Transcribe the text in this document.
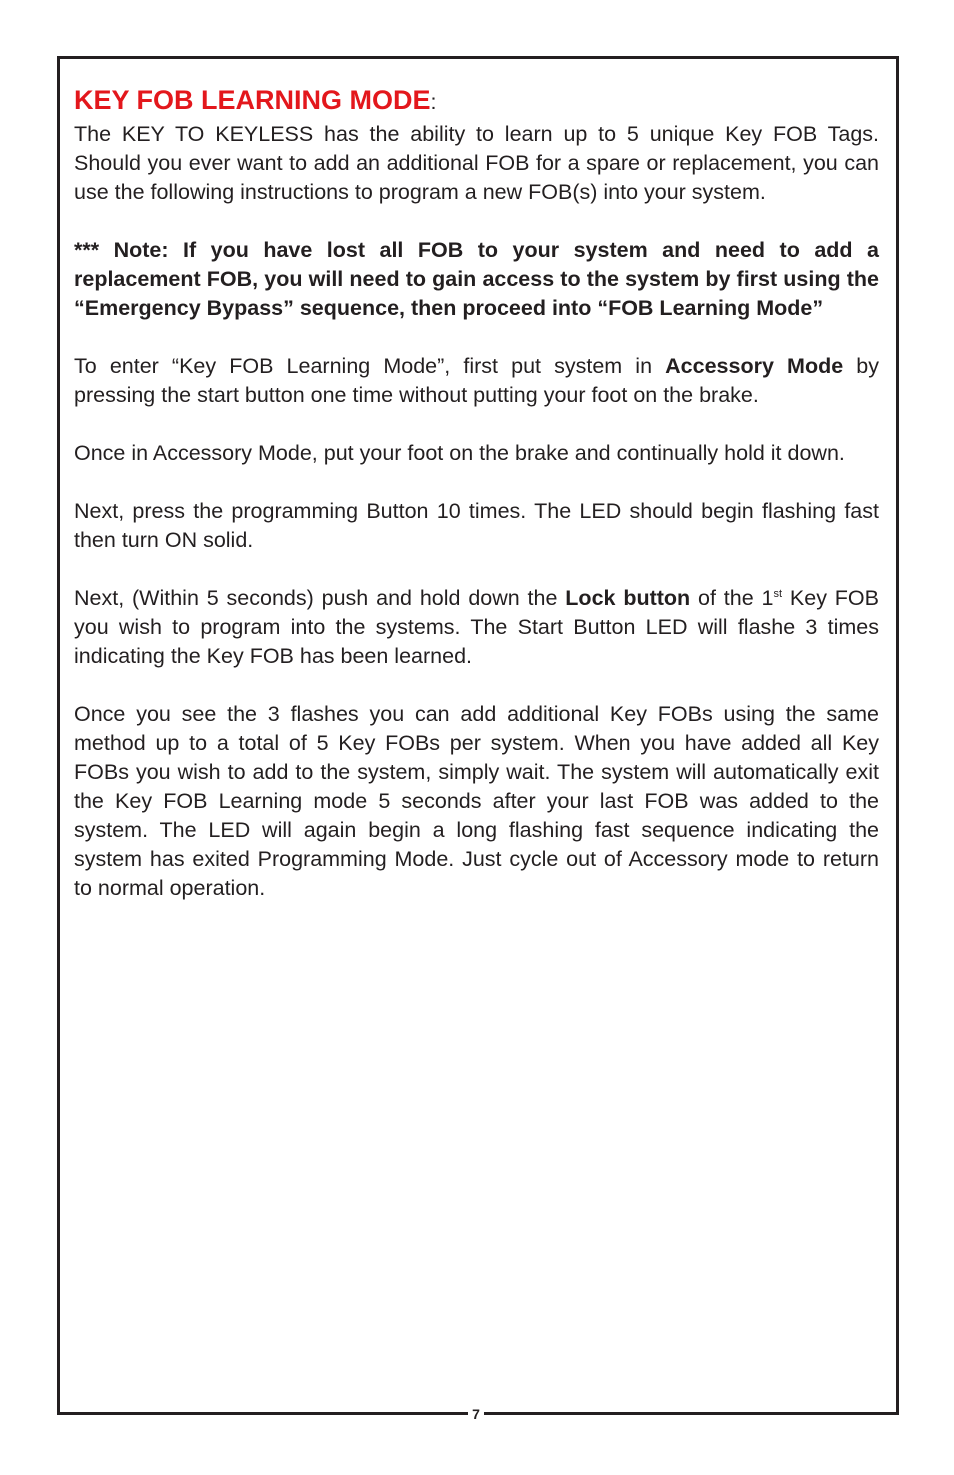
7
KEY FOB LEARNING MODE:

The KEY TO KEYLESS has the ability to learn up to 5 unique Key FOB Tags. Should you ever want to add an additional FOB for a spare or replacement, you can use the following instructions to program a new FOB(s) into your system.

*** Note: If you have lost all FOB to your system and need to add a replacement FOB, you will need to gain access to the system by first using the “Emergency Bypass” sequence, then proceed into “FOB Learning Mode”

To enter “Key FOB Learning Mode”, first put system in Accessory Mode by pressing the start button one time without putting your foot on the brake.

Once in Accessory Mode, put your foot on the brake and continually hold it down.

Next, press the programming Button 10 times. The LED should begin flashing fast then turn ON solid.

Next, (Within 5 seconds) push and hold down the Lock button of the 1st Key FOB you wish to program into the systems. The Start Button LED will flashe 3 times indicating the Key FOB has been learned.

Once you see the 3 flashes you can add additional Key FOBs using the same method up to a total of 5 Key FOBs per system. When you have added all Key FOBs you wish to add to the system, simply wait. The system will automatically exit the Key FOB Learning mode 5 seconds after your last FOB was added to the system. The LED will again begin a long flashing fast sequence indicating the system has exited Programming Mode. Just cycle out of Accessory mode to return to normal operation.
